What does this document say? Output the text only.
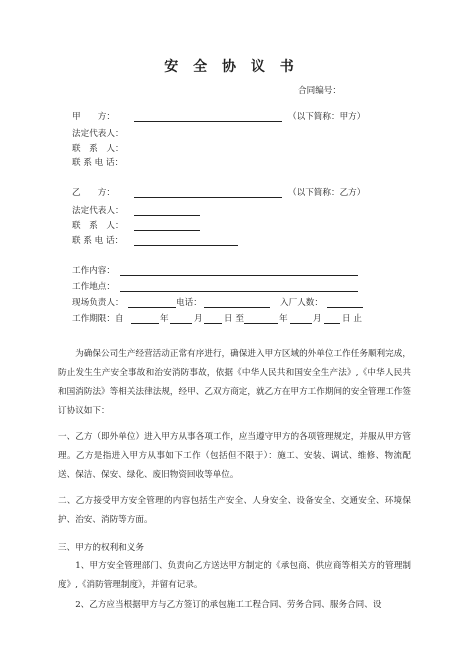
安 全 协 议 书
合同编号：
甲　　方：	（以下简称：甲方）
法定代表人：
联　系　人：
联 系 电 话：
乙　　方：	（以下简称：乙方）
法定代表人：
联　系　人：
联 系 电 话：
工作内容：
工作地点：
现场负责人：	电话：	入厂人数：
工作期限：自	年	月 日 至	年	月 日 止
为确保公司生产经营活动正常有序进行，确保进入甲方区域的外单位工作任务顺利完成，防止发生生产安全事故和治安消防事故，依据《中华人民共和国安全生产法》,《中华人民共和国消防法》等相关法律法规，经甲、乙双方商定，就乙方在甲方工作期间的安全管理工作签订协议如下：
一、乙方（即外单位）进入甲方从事各项工作，应当遵守甲方的各项管理规定，并服从甲方管理。乙方是指进入甲方从事如下工作（包括但不限于）：施工、安装、调试、维修、物流配送、保洁、保安、绿化、废旧物资回收等单位。
二、乙方接受甲方安全管理的内容包括生产安全、人身安全、设备安全、交通安全、环境保护、治安、消防等方面。
三、甲方的权利和义务
1、甲方安全管理部门、负责向乙方送达甲方制定的《承包商、供应商等相关方的管理制度》,《消防管理制度》，并留有记录。
2、乙方应当根据甲方与乙方签订的承包施工工程合同、劳务合同、服务合同、设
